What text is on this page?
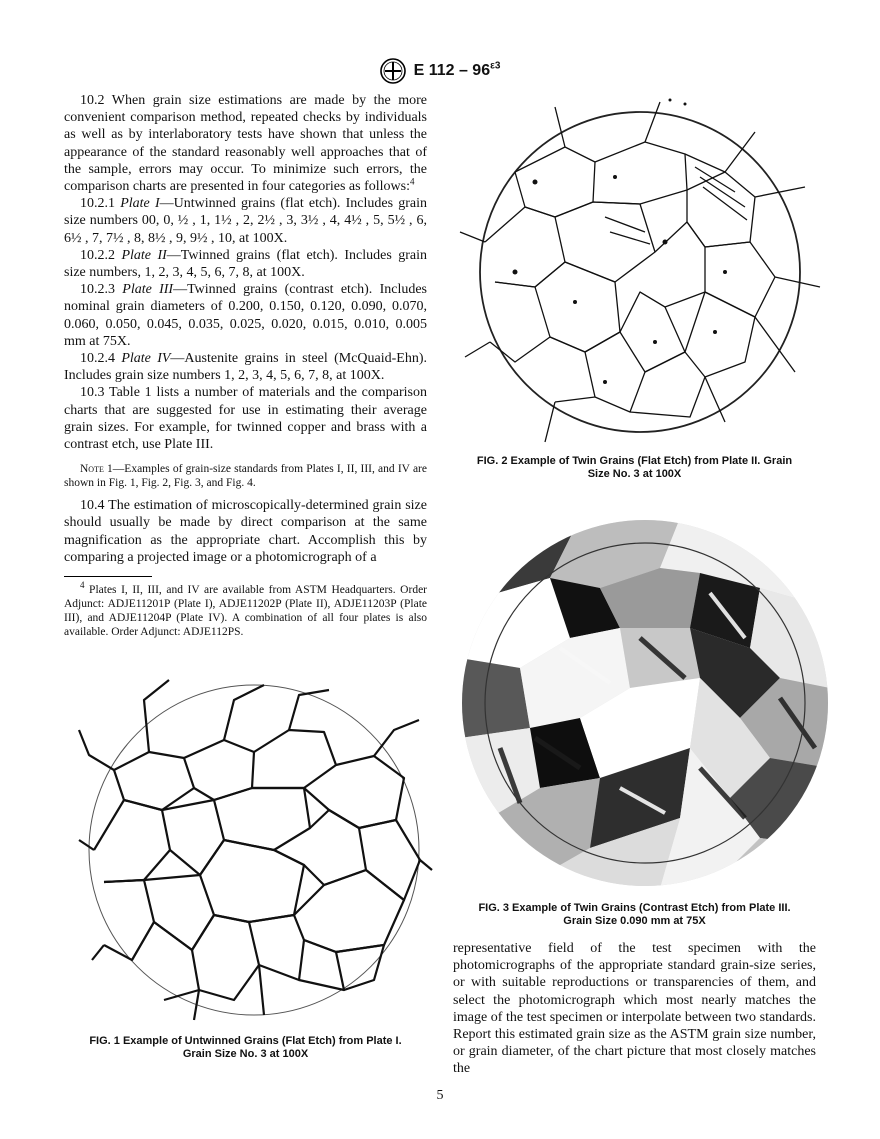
E $112 - 96^{\varepsilon 3}$

10.2 When grain size estimations are made by the more convenient comparison method, repeated checks by individuals as well as by interlaboratory tests have shown that unless the appearance of the standard reasonably well approaches that of the sample, errors may occur. To minimize such errors, the comparison charts are presented in four categories as follows:$^4$

10.2.1 Plate I—Untwinned grains (flat etch). Includes grain size numbers 00, 0, ½ , 1, 1½ , 2, 2½ , 3, 3½ , 4, 4½ , 5, 5½ , 6, 6½ , 7, 7½ , 8, 8½ , 9, 9½ , 10, at 100X.

10.2.2 Plate II—Twinned grains (flat etch). Includes grain size numbers, 1, 2, 3, 4, 5, 6, 7, 8, at 100X.

10.2.3 Plate III—Twinned grains (contrast etch). Includes nominal grain diameters of 0.200, 0.150, 0.120, 0.090, 0.070, 0.060, 0.050, 0.045, 0.035, 0.025, 0.020, 0.015, 0.010, 0.005 mm at 75X.

10.2.4 Plate IV—Austenite grains in steel (McQuaid-Ehn). Includes grain size numbers 1, 2, 3, 4, 5, 6, 7, 8, at 100X.

10.3 Table 1 lists a number of materials and the comparison charts that are suggested for use in estimating their average grain sizes. For example, for twinned copper and brass with a contrast etch, use Plate III.

Note 1—Examples of grain-size standards from Plates I, II, III, and IV are shown in Fig. 1, Fig. 2, Fig. 3, and Fig. 4.

10.4 The estimation of microscopically-determined grain size should usually be made by direct comparison at the same magnification as the appropriate chart. Accomplish this by comparing a projected image or a photomicrograph of a

$^4$ Plates I, II, III, and IV are available from ASTM Headquarters. Order Adjunct: ADJE11201P (Plate I), ADJE11202P (Plate II), ADJE11203P (Plate III), and ADJE11204P (Plate IV). A combination of all four plates is also available. Order Adjunct: ADJE112PS.

FIG. 1 Example of Untwinned Grains (Flat Etch) from Plate I.
Grain Size No. 3 at 100X
FIG. 2 Example of Twin Grains (Flat Etch) from Plate II. Grain
Size No. 3 at 100X
FIG. 3 Example of Twin Grains (Contrast Etch) from Plate III.
Grain Size 0.090 mm at 75X

representative field of the test specimen with the photomicrographs of the appropriate standard grain-size series, or with suitable reproductions or transparencies of them, and select the photomicrograph which most nearly matches the image of the test specimen or interpolate between two standards. Report this estimated grain size as the ASTM grain size number, or grain diameter, of the chart picture that most closely matches the

5
